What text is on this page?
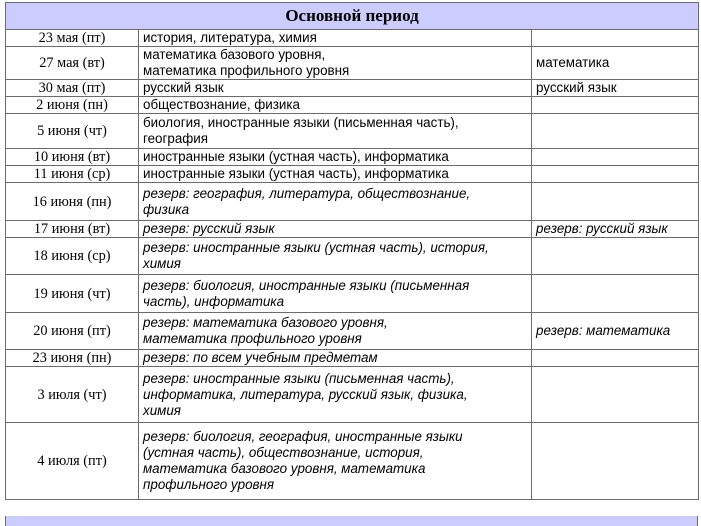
Основной период		
23 мая (пт)	история, литература, химия	

27 мая (вт)	математика базового уровня,
математика профильного уровня	математика
30 мая (пт)	русский язык	русский язык
2 июня (пн)	обществознание, физика	

5 июня (чт)	биология, иностранные языки (письменная часть),
география	

10 июня (вт)	иностранные языки (устная часть), информатика	

11 июня (ср)	иностранные языки (устная часть), информатика	

16 июня (пн)	резерв: география, литература, обществознание,
физика	

17 июня (вт)	резерв: русский язык	резерв: русский язык
18 июня (ср)	резерв: иностранные языки (устная часть), история,
химия	

19 июня (чт)	резерв: биология, иностранные языки (письменная
часть), информатика	

20 июня (пт)	резерв: математика базового уровня,
математика профильного уровня	резерв: математика
23 июня (пн)	резерв: по всем учебным предметам	

3 июля (чт)	резерв: иностранные языки (письменная часть),
информатика, литература, русский язык, физика,
химия	

4 июля (пт)	резерв: биология, география, иностранные языки
(устная часть), обществознание, история,
математика базового уровня, математика
профильного уровня	
